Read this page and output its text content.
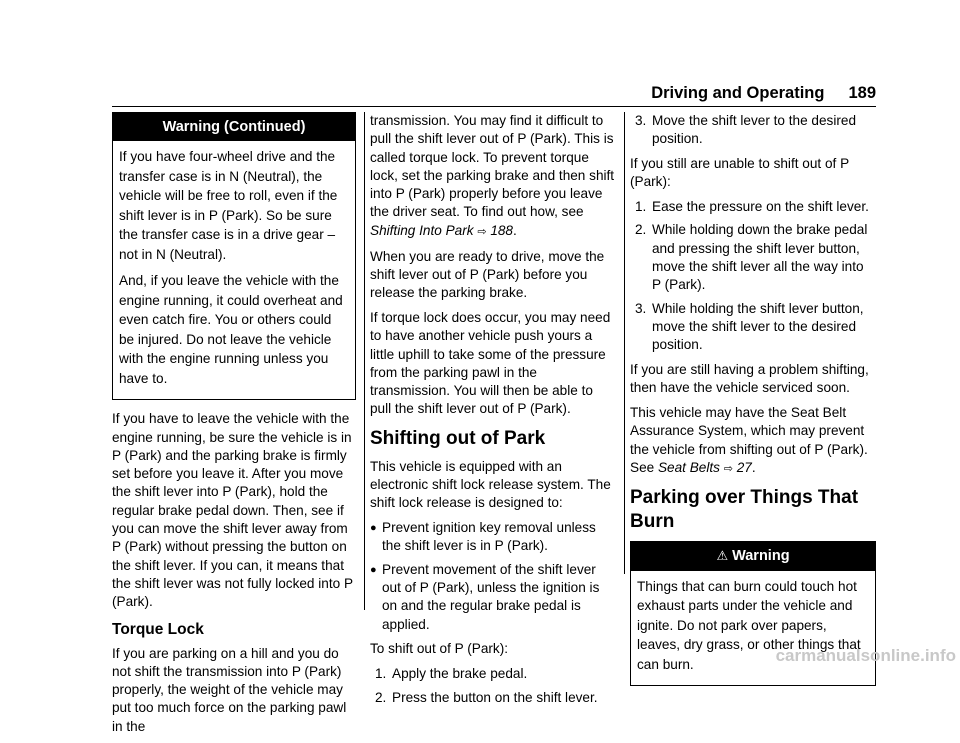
Driving and Operating 189
Warning (Continued)

If you have four-wheel drive and the transfer case is in N (Neutral), the vehicle will be free to roll, even if the shift lever is in P (Park). So be sure the transfer case is in a drive gear – not in N (Neutral).

And, if you leave the vehicle with the engine running, it could overheat and even catch fire. You or others could be injured. Do not leave the vehicle with the engine running unless you have to.

If you have to leave the vehicle with the engine running, be sure the vehicle is in P (Park) and the parking brake is firmly set before you leave it. After you move the shift lever into P (Park), hold the regular brake pedal down. Then, see if you can move the shift lever away from P (Park) without pressing the button on the shift lever. If you can, it means that the shift lever was not fully locked into P (Park).

Torque Lock

If you are parking on a hill and you do not shift the transmission into P (Park) properly, the weight of the vehicle may put too much force on the parking pawl in the

transmission. You may find it difficult to pull the shift lever out of P (Park). This is called torque lock. To prevent torque lock, set the parking brake and then shift into P (Park) properly before you leave the driver seat. To find out how, see Shifting Into Park ⇨ 188.

When you are ready to drive, move the shift lever out of P (Park) before you release the parking brake.

If torque lock does occur, you may need to have another vehicle push yours a little uphill to take some of the pressure from the parking pawl in the transmission. You will then be able to pull the shift lever out of P (Park).

Shifting out of Park

This vehicle is equipped with an electronic shift lock release system. The shift lock release is designed to:

● Prevent ignition key removal unless the shift lever is in P (Park).
● Prevent movement of the shift lever out of P (Park), unless the ignition is on and the regular brake pedal is applied.

To shift out of P (Park):

1. Apply the brake pedal.
2. Press the button on the shift lever.
3. Move the shift lever to the desired position.

If you still are unable to shift out of P (Park):

1. Ease the pressure on the shift lever.
2. While holding down the brake pedal and pressing the shift lever button, move the shift lever all the way into P (Park).
3. While holding the shift lever button, move the shift lever to the desired position.

If you are still having a problem shifting, then have the vehicle serviced soon.

This vehicle may have the Seat Belt Assurance System, which may prevent the vehicle from shifting out of P (Park). See Seat Belts ⇨ 27.

Parking over Things That Burn
⚠ Warning

Things that can burn could touch hot exhaust parts under the vehicle and ignite. Do not park over papers, leaves, dry grass, or other things that can burn.	carmanualsonline.info
